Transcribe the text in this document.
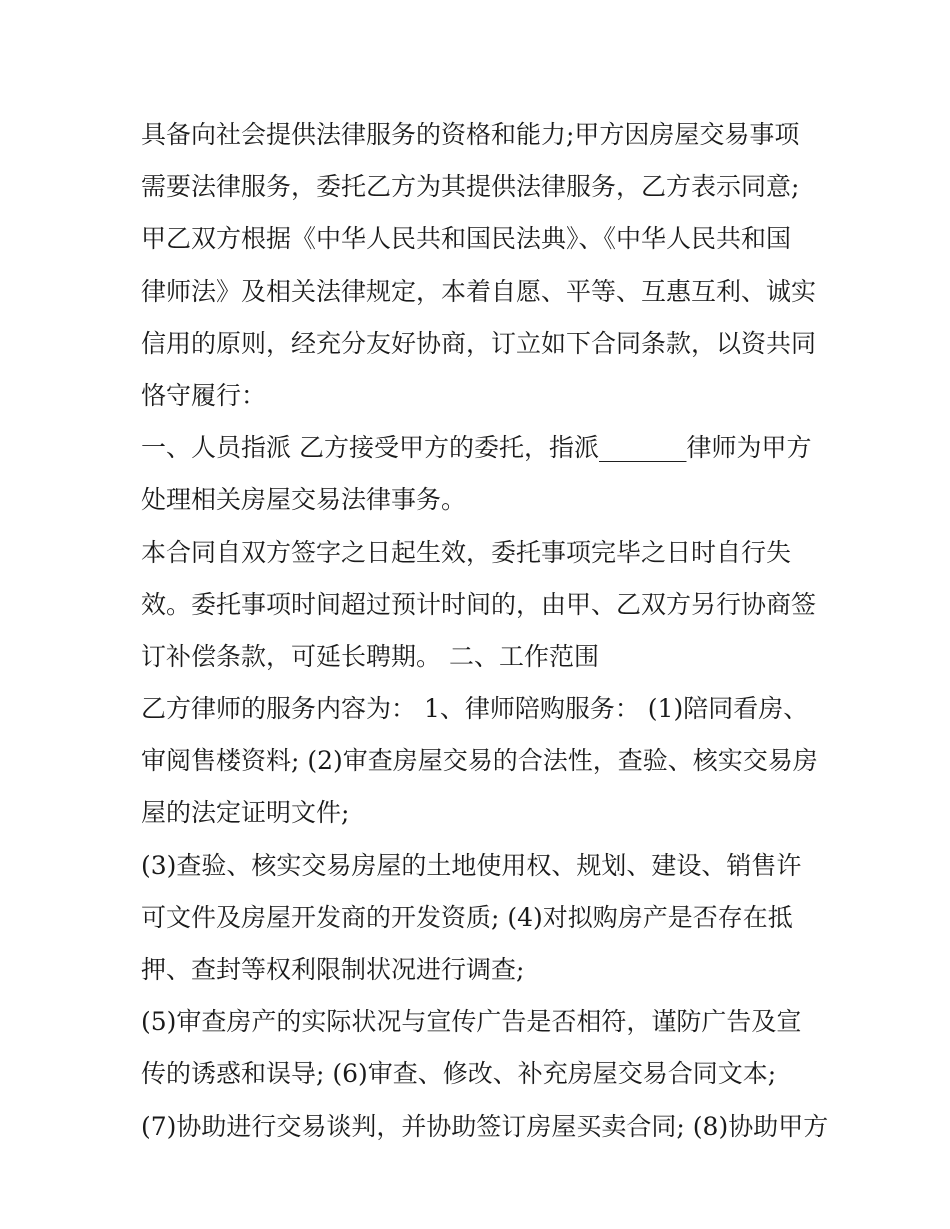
具备向社会提供法律服务的资格和能力;甲方因房屋交易事项
需要法律服务，委托乙方为其提供法律服务，乙方表示同意;
甲乙双方根据《中华人民共和国民法典》、《中华人民共和国
律师法》及相关法律规定，本着自愿、平等、互惠互利、诚实
信用的原则，经充分友好协商，订立如下合同条款，以资共同
恪守履行：
一、人员指派 乙方接受甲方的委托，指派_______律师为甲方
处理相关房屋交易法律事务。
本合同自双方签字之日起生效，委托事项完毕之日时自行失
效。委托事项时间超过预计时间的，由甲、乙双方另行协商签
订补偿条款，可延长聘期。 二、工作范围
乙方律师的服务内容为： 1、律师陪购服务： (1)陪同看房、
审阅售楼资料; (2)审查房屋交易的合法性，查验、核实交易房
屋的法定证明文件;
(3)查验、核实交易房屋的土地使用权、规划、建设、销售许
可文件及房屋开发商的开发资质; (4)对拟购房产是否存在抵
押、查封等权利限制状况进行调查;
(5)审查房产的实际状况与宣传广告是否相符，谨防广告及宣
传的诱惑和误导; (6)审查、修改、补充房屋交易合同文本;
(7)协助进行交易谈判，并协助签订房屋买卖合同; (8)协助甲方
